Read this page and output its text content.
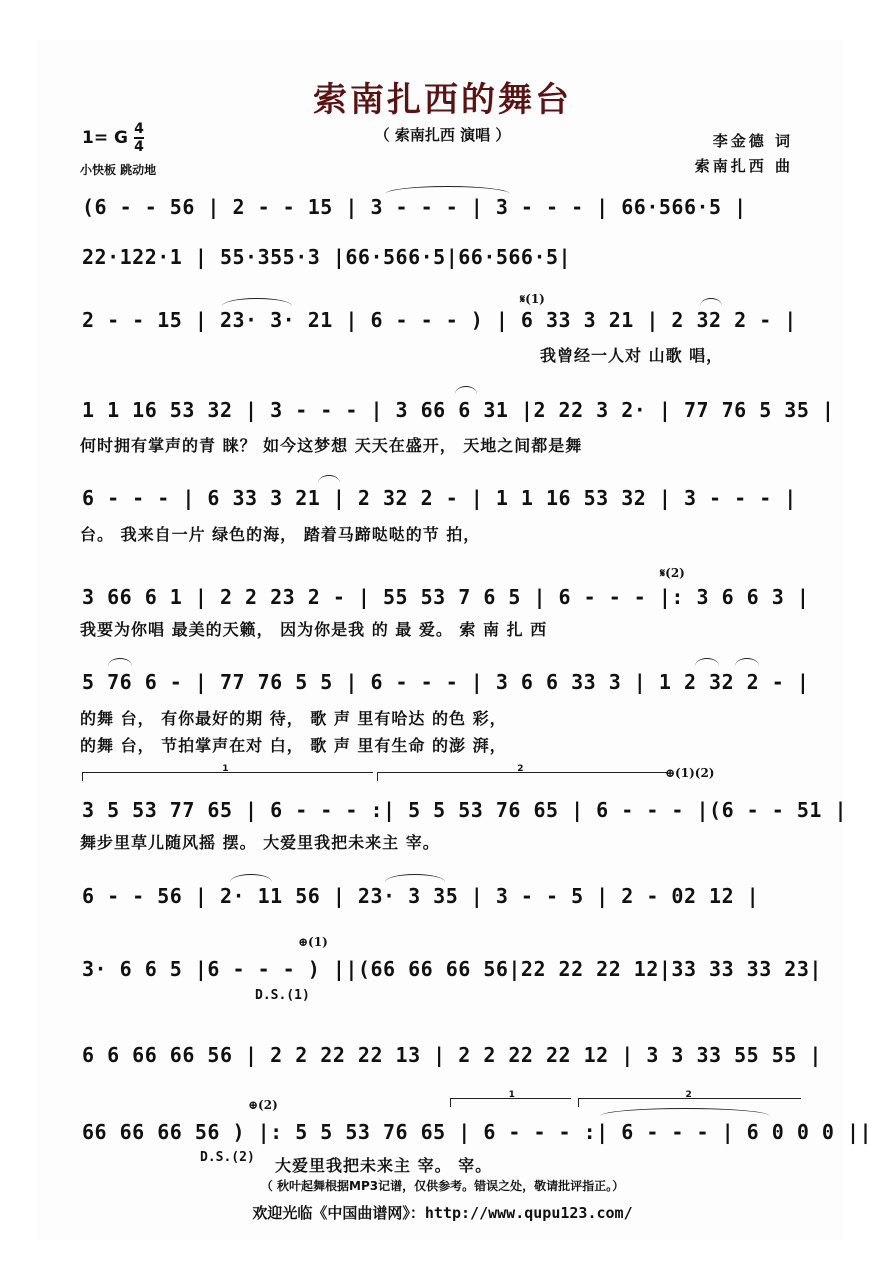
索南扎西的舞台
（ 索南扎西 演唱 ）
1= G 4
4
小快板 跳动地
李金德 词
索南扎西 曲
(6 - - 56 | 2 - - 15 | 3 - - - | 3 - - - | 66·566·5 |
22·122·1 | 55·355·3 |66·566·5|66·566·5|
2 - - 15 | 23· 3· 21 | 6 - - - ) | 6 33 3 21 | 2 32 2 - |
1 1 16 53 32 | 3 - - - | 3 66 6 31 |2 22 3 2· | 77 76 5 35 |
6 - - - | 6 33 3 21 | 2 32 2 - | 1 1 16 53 32 | 3 - - - |
3 66 6 1 | 2 2 23 2 - | 55 53 7 6 5 | 6 - - - |: 3 6 6 3 |
5 76 6 - | 77 76 5 5 | 6 - - - | 3 6 6 33 3 | 1 2 32 2 - |
3 5 53 77 65 | 6 - - - :| 5 5 53 76 65 | 6 - - - |(6 - - 51 |
6 - - 56 | 2· 11 56 | 23· 3 35 | 3 - - 5 | 2 - 02 12 |
3· 6 6 5 |6 - - - ) ||(66 66 66 56|22 22 22 12|33 33 33 23|
6 6 66 66 56 | 2 2 22 22 13 | 2 2 22 22 12 | 3 3 33 55 55 |
66 66 66 56 ) |: 5 5 53 76 65 | 6 - - - :| 6 - - - | 6 0 0 0 ||
1	2
1	2
𝄋(1)
𝄋(2)
⊕(1)(2)
⊕(1)
⊕(2)
D.S.(1)
D.S.(2)
我曾经一人对 山歌 唱，
何时拥有掌声的青 睐？ 如今这梦想 天天在盛开， 天地之间都是舞
台。 我来自一片 绿色的海， 踏着马蹄哒哒的节 拍，
我要为你唱 最美的天籁， 因为你是我 的 最 爱。 索 南 扎 西
的舞 台， 有你最好的期 待， 歌 声 里有哈达 的色 彩，
的舞 台， 节拍掌声在对 白， 歌 声 里有生命 的澎 湃，
舞步里草儿随风摇 摆。 大爱里我把未来主 宰。
大爱里我把未来主 宰。 宰。
（ 秋叶起舞根据MP3记谱，仅供参考。错误之处，敬请批评指正。）
欢迎光临《中国曲谱网》：http://www.qupu123.com/
